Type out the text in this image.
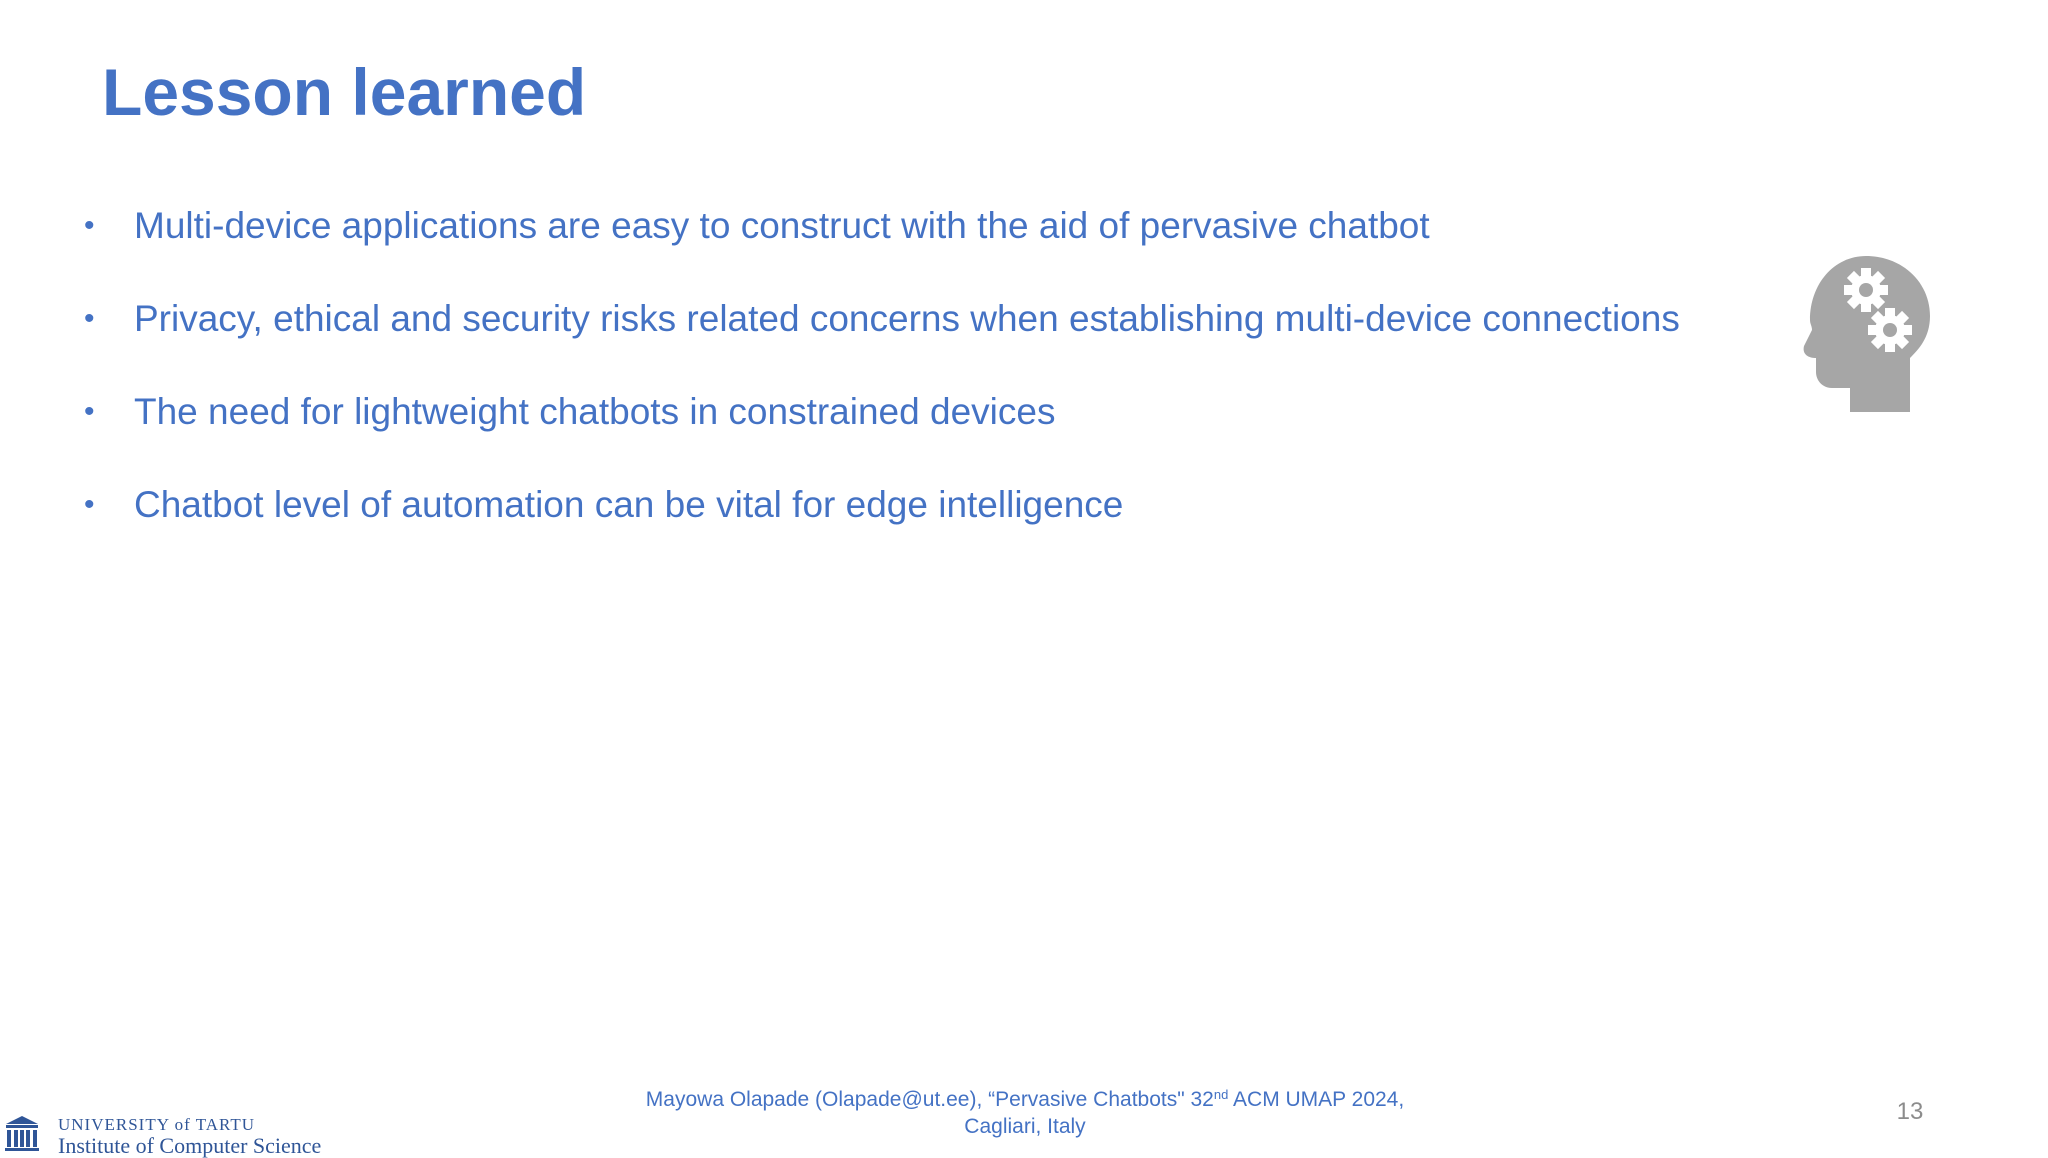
Lesson learned
•	Multi-device applications are easy to construct with the aid of pervasive chatbot
•	Privacy, ethical and security risks related concerns when establishing multi-device connections
•	The need for lightweight chatbots in constrained devices
•	Chatbot level of automation can be vital for edge intelligence
Mayowa Olapade (Olapade@ut.ee), “Pervasive Chatbots" 32nd ACM UMAP 2024,
Cagliari, Italy
13
UNIVERSITY of TARTU
Institute of Computer Science
